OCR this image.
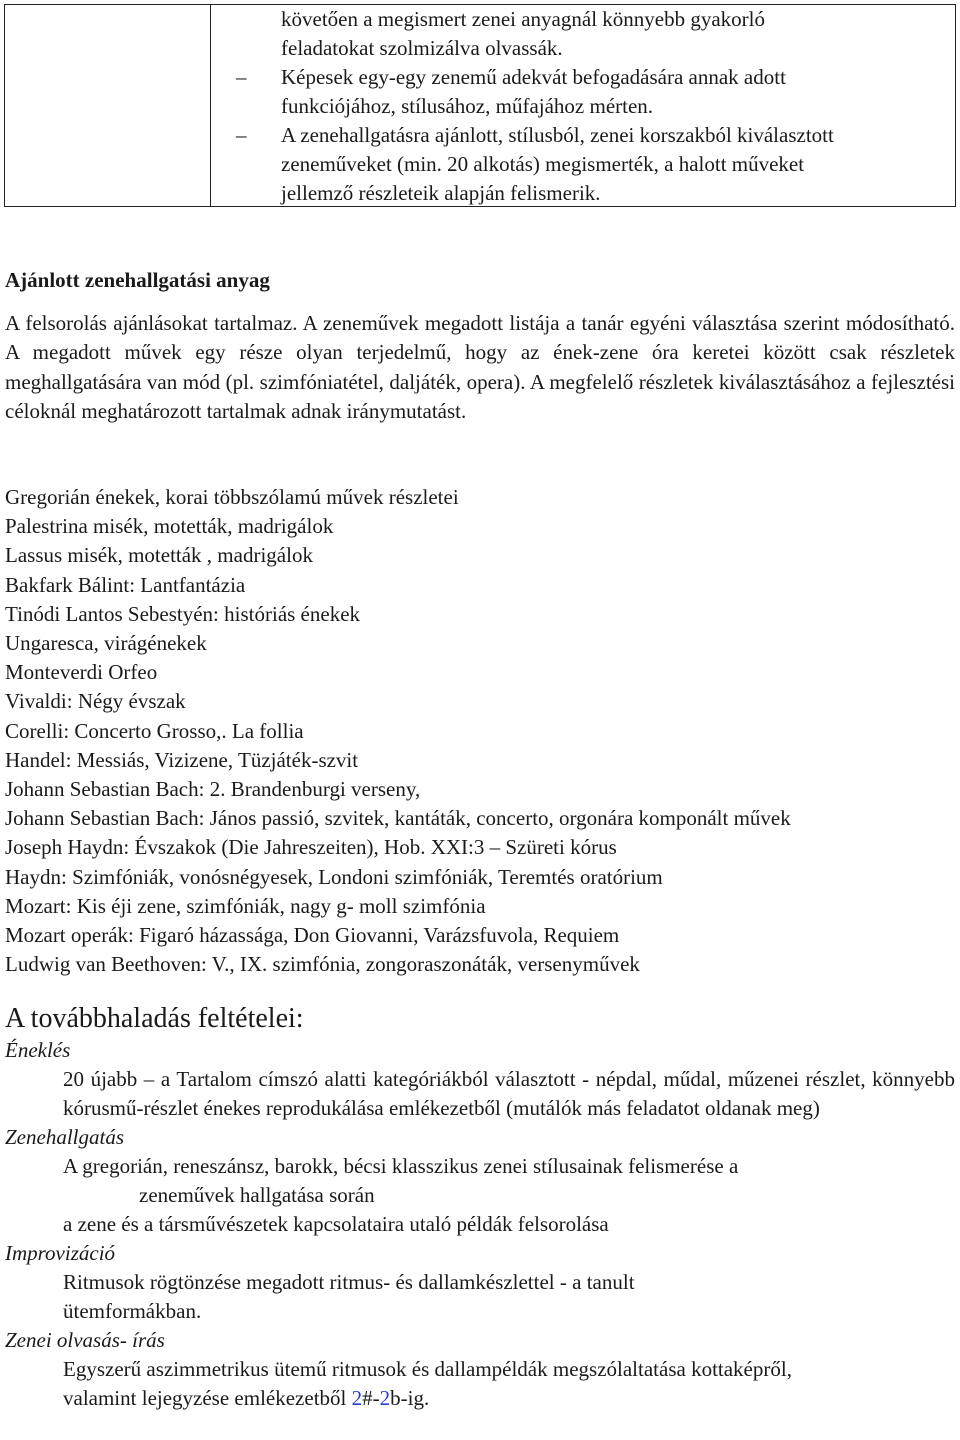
követően a megismert zenei anyagnál könnyebb gyakorló

feladatokat szolmizálva olvassák.

– Képesek egy-egy zenemű adekvát befogadására annak adott

funkciójához, stílusához, műfajához mérten.

– A zenehallgatásra ajánlott, stílusból, zenei korszakból kiválasztott

zeneműveket (min. 20 alkotás) megismerték, a halott műveket

jellemző részleteik alapján felismerik.

Ajánlott zenehallgatási anyag

A felsorolás ajánlásokat tartalmaz. A zeneművek megadott listája a tanár egyéni választása szerint módosítható. A megadott művek egy része olyan terjedelmű, hogy az ének-zene óra keretei között csak részletek meghallgatására van mód (pl. szimfóniatétel, daljáték, opera). A megfelelő részletek kiválasztásához a fejlesztési céloknál meghatározott tartalmak adnak iránymutatást.

Gregorián énekek, korai többszólamú művek részletei
Palestrina misék, motetták, madrigálok
Lassus misék, motetták , madrigálok
Bakfark Bálint: Lantfantázia
Tinódi Lantos Sebestyén: históriás énekek
Ungaresca, virágénekek
Monteverdi Orfeo
Vivaldi: Négy évszak
Corelli: Concerto Grosso,. La follia
Handel: Messiás, Vizizene, Tüzjáték-szvit
Johann Sebastian Bach: 2. Brandenburgi verseny,
Johann Sebastian Bach: János passió, szvitek, kantáták, concerto, orgonára komponált művek
Joseph Haydn: Évszakok (Die Jahreszeiten), Hob. XXI:3 – Szüreti kórus
Haydn: Szimfóniák, vonósnégyesek, Londoni szimfóniák, Teremtés oratórium
Mozart: Kis éji zene, szimfóniák, nagy g- moll szimfónia
Mozart operák: Figaró házassága, Don Giovanni, Varázsfuvola, Requiem
Ludwig van Beethoven: V., IX. szimfónia, zongoraszonáták, versenyművek
A továbbhaladás feltételei:

Éneklés

20 újabb – a Tartalom címszó alatti kategóriákból választott - népdal, műdal, műzenei részlet, könnyebb kórusmű-részlet énekes reprodukálása emlékezetből (mutálók más feladatot oldanak meg)

Zenehallgatás

A gregorián, reneszánsz, barokk, bécsi klasszikus zenei stílusainak felismerése a
zeneművek hallgatása során

a zene és a társművészetek kapcsolataira utaló példák felsorolása

Improvizáció

Ritmusok rögtönzése megadott ritmus- és dallamkészlettel - a tanult

ütemformákban.

Zenei olvasás- írás

Egyszerű aszimmetrikus ütemű ritmusok és dallampéldák megszólaltatása kottaképről,

valamint lejegyzése emlékezetből 2#-2b-ig.
